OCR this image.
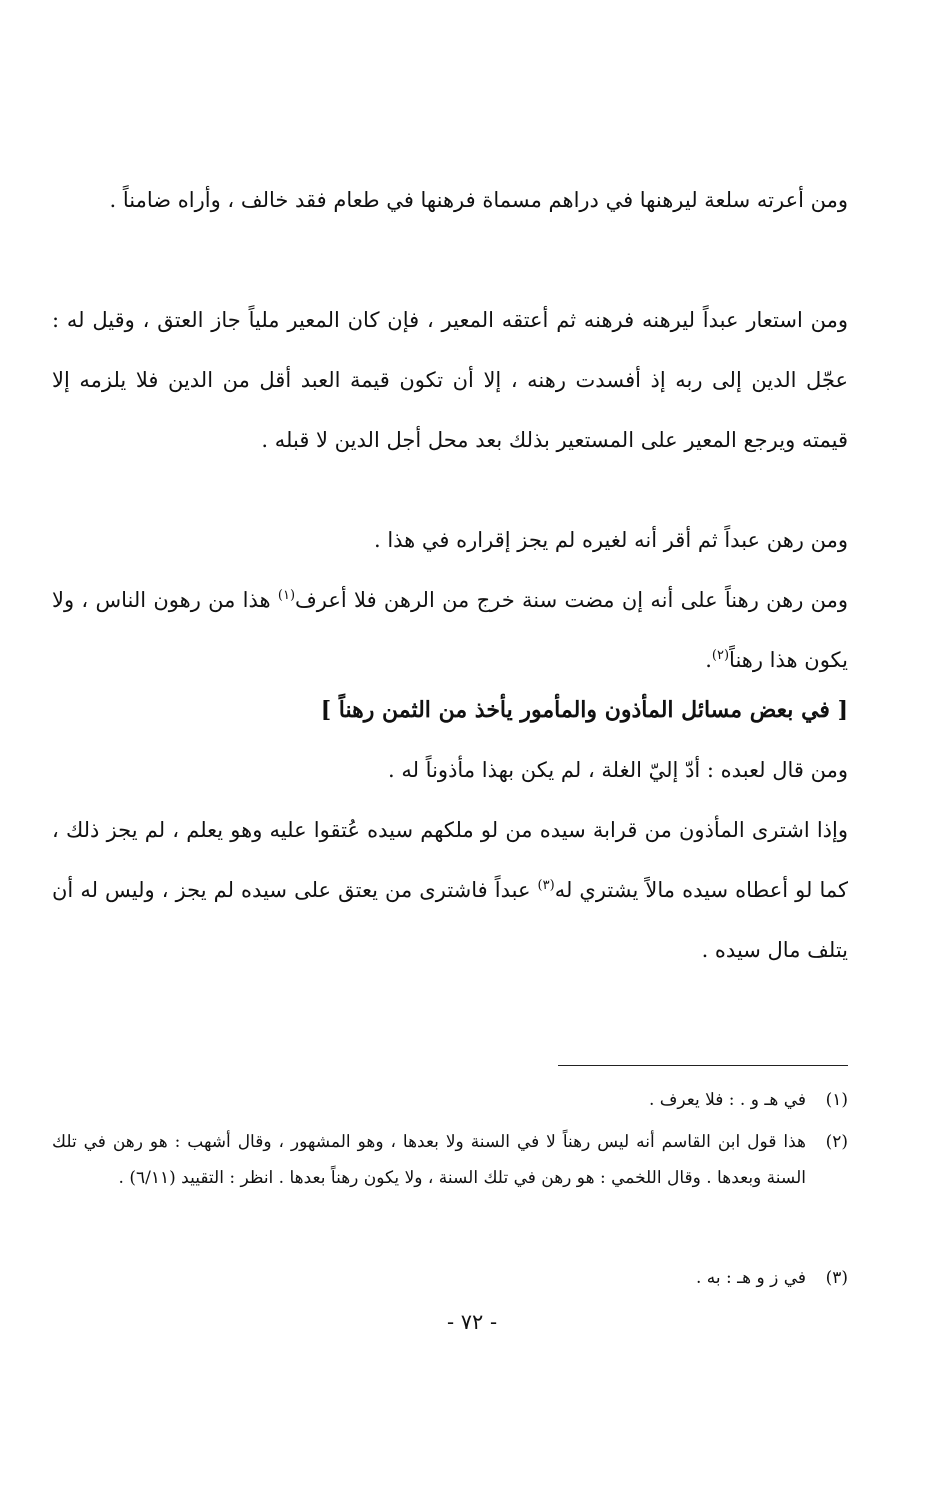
ومن أعرته سلعة ليرهنها في دراهم مسماة فرهنها في طعام فقد خالف ، وأراه ضامناً .

ومن استعار عبداً ليرهنه فرهنه ثم أعتقه المعير ، فإن كان المعير ملياً جاز العتق ، وقيل له : عجّل الدين إلى ربه إذ أفسدت رهنه ، إلا أن تكون قيمة العبد أقل من الدين فلا يلزمه إلا قيمته ويرجع المعير على المستعير بذلك بعد محل أجل الدين لا قبله .

ومن رهن عبداً ثم أقر أنه لغيره لم يجز إقراره في هذا .

ومن رهن رهناً على أنه إن مضت سنة خرج من الرهن فلا أعرف$^{(١)}$ هذا من رهون الناس ، ولا يكون هذا رهناً$^{(٢)}$.

[ في بعض مسائل المأذون والمأمور يأخذ من الثمن رهناً ]

ومن قال لعبده : أدّ إليّ الغلة ، لم يكن بهذا مأذوناً له .

وإذا اشترى المأذون من قرابة سيده من لو ملكهم سيده عُتقوا عليه وهو يعلم ، لم يجز ذلك ، كما لو أعطاه سيده مالاً يشتري له$^{(٣)}$ عبداً فاشترى من يعتق على سيده لم يجز ، وليس له أن يتلف مال سيده .

(١)
في هـ و . : فلا يعرف .
(٢)
هذا قول ابن القاسم أنه ليس رهناً لا في السنة ولا بعدها ، وهو المشهور ، وقال أشهب : هو رهن في تلك السنة وبعدها . وقال اللخمي : هو رهن في تلك السنة ، ولا يكون رهناً بعدها . انظر : التقييد (٦/١١) .
(٣)
في ز و هـ : به .
- ٧٢ -
